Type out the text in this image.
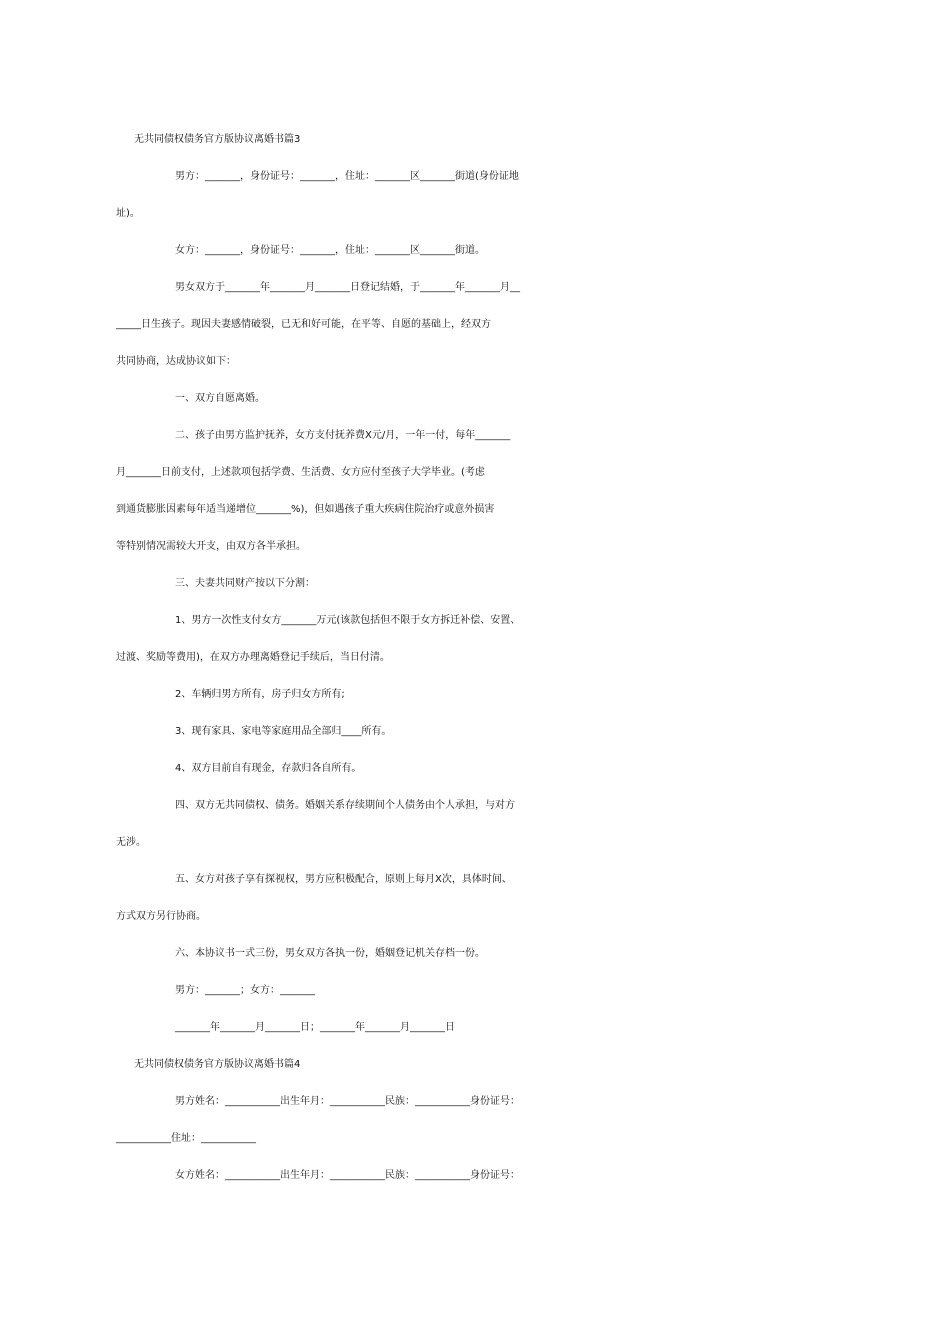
无共同债权债务官方版协议离婚书篇3
男方：_______，身份证号：_______，住址：_______区_______街道(身份证地
址)。
女方：_______，身份证号：_______，住址：_______区_______街道。
男女双方于_______年_______月_______日登记结婚，于_______年_______月__
_____日生孩子。现因夫妻感情破裂，已无和好可能，在平等、自愿的基础上，经双方
共同协商，达成协议如下：
一、双方自愿离婚。
二、孩子由男方监护抚养，女方支付抚养费X元/月，一年一付，每年_______
月_______日前支付，上述款项包括学费、生活费、女方应付至孩子大学毕业。(考虑
到通货膨胀因素每年适当递增位_______%)，但如遇孩子重大疾病住院治疗或意外损害
等特别情况需较大开支，由双方各半承担。
三、夫妻共同财产按以下分割：
1、男方一次性支付女方_______万元(该款包括但不限于女方拆迁补偿、安置、
过渡、奖励等费用)，在双方办理离婚登记手续后，当日付清。
2、车辆归男方所有，房子归女方所有;
3、现有家具、家电等家庭用品全部归____所有。
4、双方目前自有现金，存款归各自所有。
四、双方无共同债权、债务。婚姻关系存续期间个人债务由个人承担，与对方
无涉。
五、女方对孩子享有探视权，男方应积极配合，原则上每月X次，具体时间、
方式双方另行协商。
六、本协议书一式三份，男女双方各执一份，婚姻登记机关存档一份。
男方：_______；女方：_______
_______年_______月_______日；_______年_______月_______日
无共同债权债务官方版协议离婚书篇4
男方姓名：___________出生年月：___________民族：___________身份证号：
___________住址：___________
女方姓名：___________出生年月：___________民族：___________身份证号：
